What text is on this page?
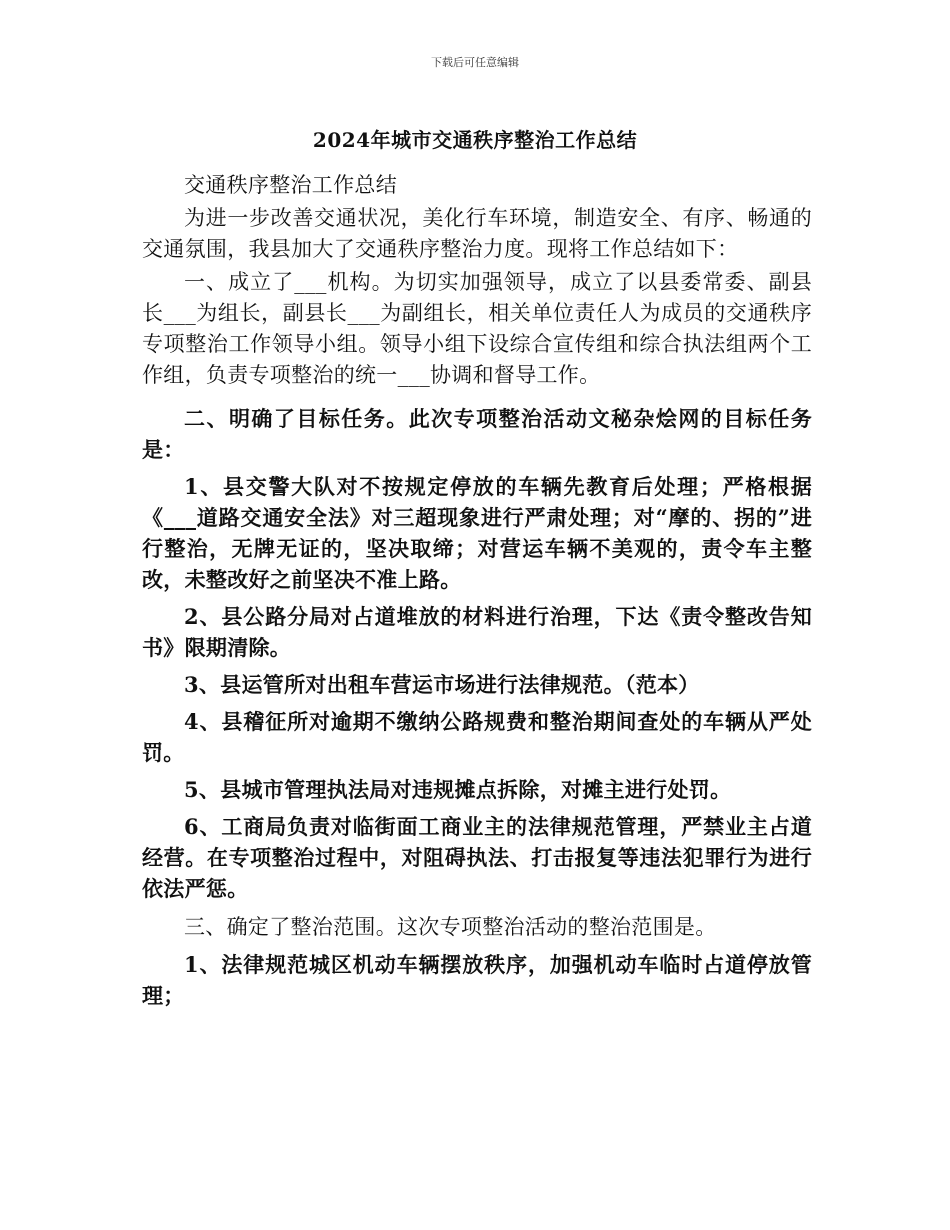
下载后可任意编辑
2024年城市交通秩序整治工作总结

交通秩序整治工作总结

为进一步改善交通状况，美化行车环境，制造安全、有序、畅通的交通氛围，我县加大了交通秩序整治力度。现将工作总结如下：

一、成立了___机构。为切实加强领导，成立了以县委常委、副县长___为组长，副县长___为副组长，相关单位责任人为成员的交通秩序专项整治工作领导小组。领导小组下设综合宣传组和综合执法组两个工作组，负责专项整治的统一___协调和督导工作。

二、明确了目标任务。此次专项整治活动文秘杂烩网的目标任务是：

1、县交警大队对不按规定停放的车辆先教育后处理；严格根据《___道路交通安全法》对三超现象进行严肃处理；对“摩的、拐的”进行整治，无牌无证的，坚决取缔；对营运车辆不美观的，责令车主整改，未整改好之前坚决不准上路。

2、县公路分局对占道堆放的材料进行治理，下达《责令整改告知书》限期清除。

3、县运管所对出租车营运市场进行法律规范。（范本）

4、县稽征所对逾期不缴纳公路规费和整治期间查处的车辆从严处罚。

5、县城市管理执法局对违规摊点拆除，对摊主进行处罚。

6、工商局负责对临街面工商业主的法律规范管理，严禁业主占道经营。在专项整治过程中，对阻碍执法、打击报复等违法犯罪行为进行依法严惩。

三、确定了整治范围。这次专项整治活动的整治范围是。

1、法律规范城区机动车辆摆放秩序，加强机动车临时占道停放管理；
